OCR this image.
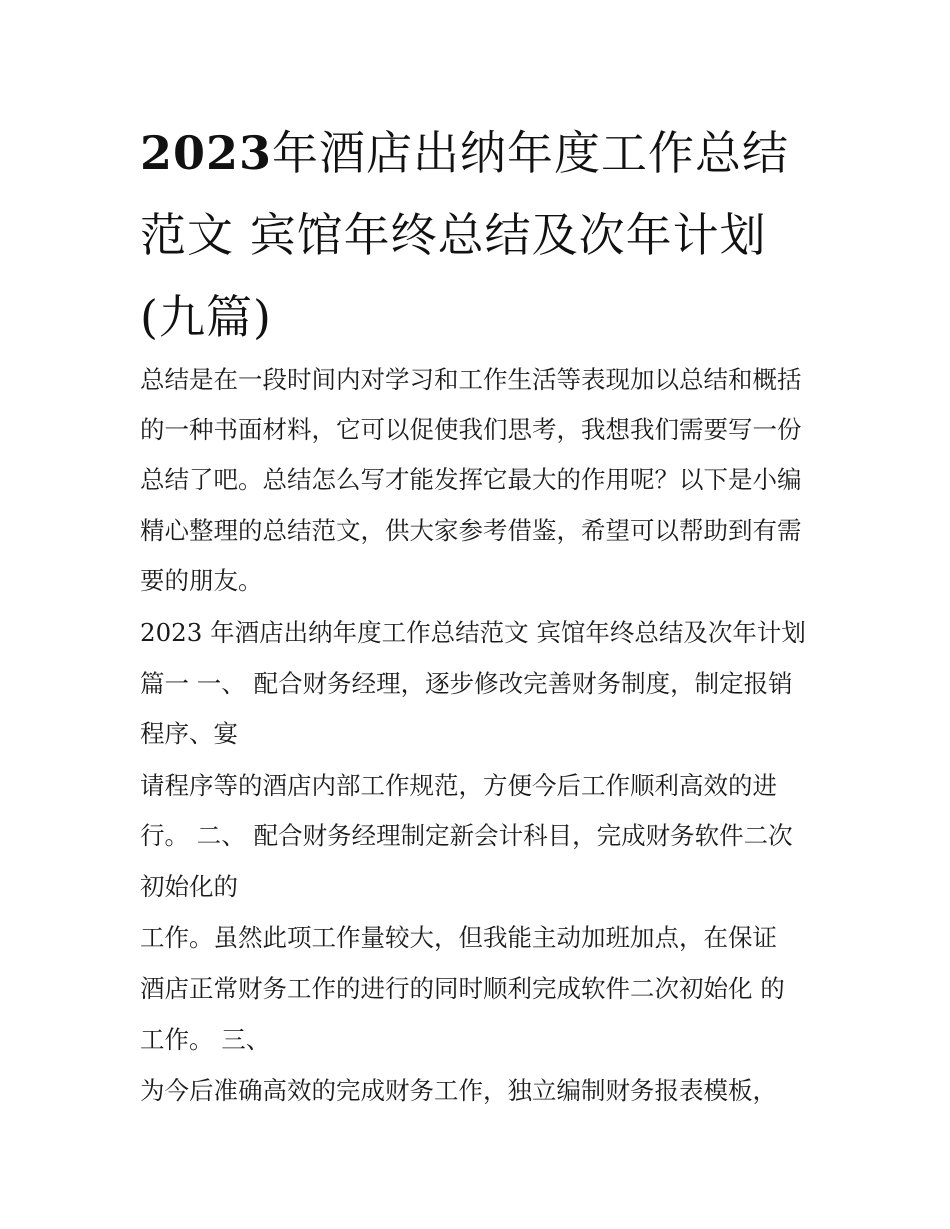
2023年酒店出纳年度工作总结
范文 宾馆年终总结及次年计划
(九篇)

总结是在一段时间内对学习和工作生活等表现加以总结和概括

的一种书面材料，它可以促使我们思考，我想我们需要写一份

总结了吧。总结怎么写才能发挥它最大的作用呢？以下是小编

精心整理的总结范文，供大家参考借鉴，希望可以帮助到有需

要的朋友。

2023 年酒店出纳年度工作总结范文 宾馆年终总结及次年计划

篇一 一、 配合财务经理，逐步修改完善财务制度，制定报销

程序、宴

请程序等的酒店内部工作规范，方便今后工作顺利高效的进

行。 二、 配合财务经理制定新会计科目，完成财务软件二次

初始化的

工作。虽然此项工作量较大，但我能主动加班加点，在保证

酒店正常财务工作的进行的同时顺利完成软件二次初始化 的

工作。 三、

为今后准确高效的完成财务工作，独立编制财务报表模板，
